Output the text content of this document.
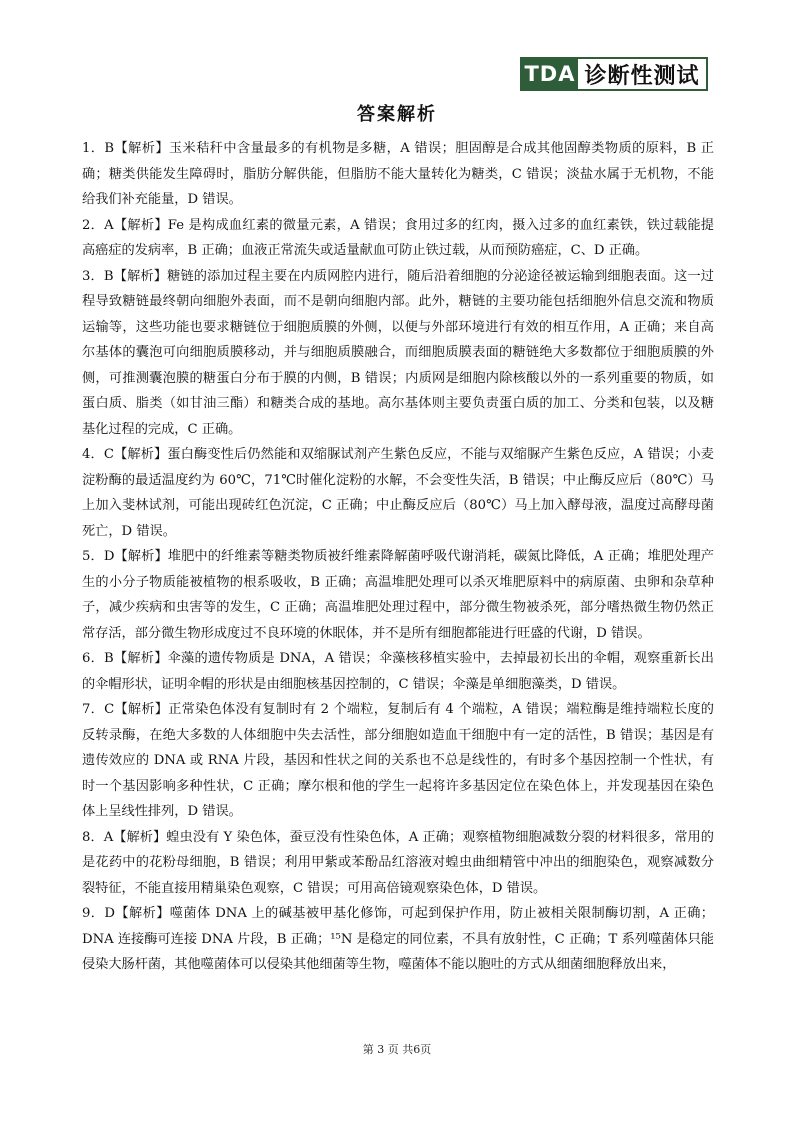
TDA 诊断性测试
答案解析

1．B【解析】玉米秸秆中含量最多的有机物是多糖，A 错误；胆固醇是合成其他固醇类物质的原料，B 正确；糖类供能发生障碍时，脂肪分解供能，但脂肪不能大量转化为糖类，C 错误；淡盐水属于无机物，不能给我们补充能量，D 错误。

2．A【解析】Fe 是构成血红素的微量元素，A 错误；食用过多的红肉，摄入过多的血红素铁，铁过载能提高癌症的发病率，B 正确；血液正常流失或适量献血可防止铁过载，从而预防癌症，C、D 正确。

3．B【解析】糖链的添加过程主要在内质网腔内进行，随后沿着细胞的分泌途径被运输到细胞表面。这一过程导致糖链最终朝向细胞外表面，而不是朝向细胞内部。此外，糖链的主要功能包括细胞外信息交流和物质运输等，这些功能也要求糖链位于细胞质膜的外侧，以便与外部环境进行有效的相互作用，A 正确；来自高尔基体的囊泡可向细胞质膜移动，并与细胞质膜融合，而细胞质膜表面的糖链绝大多数都位于细胞质膜的外侧，可推测囊泡膜的糖蛋白分布于膜的内侧，B 错误；内质网是细胞内除核酸以外的一系列重要的物质，如蛋白质、脂类（如甘油三酯）和糖类合成的基地。高尔基体则主要负责蛋白质的加工、分类和包装，以及糖基化过程的完成，C 正确。

4．C【解析】蛋白酶变性后仍然能和双缩脲试剂产生紫色反应，不能与双缩脲产生紫色反应，A 错误；小麦淀粉酶的最适温度约为 60℃，71℃时催化淀粉的水解，不会变性失活，B 错误；中止酶反应后（80℃）马上加入斐林试剂，可能出现砖红色沉淀，C 正确；中止酶反应后（80℃）马上加入酵母液，温度过高酵母菌死亡，D 错误。

5．D【解析】堆肥中的纤维素等糖类物质被纤维素降解菌呼吸代谢消耗，碳氮比降低，A 正确；堆肥处理产生的小分子物质能被植物的根系吸收，B 正确；高温堆肥处理可以杀灭堆肥原料中的病原菌、虫卵和杂草种子，减少疾病和虫害等的发生，C 正确；高温堆肥处理过程中，部分微生物被杀死，部分嗜热微生物仍然正常存活，部分微生物形成度过不良环境的休眠体，并不是所有细胞都能进行旺盛的代谢，D 错误。

6．B【解析】伞藻的遗传物质是 DNA，A 错误；伞藻核移植实验中，去掉最初长出的伞帽，观察重新长出的伞帽形状，证明伞帽的形状是由细胞核基因控制的，C 错误；伞藻是单细胞藻类，D 错误。

7．C【解析】正常染色体没有复制时有 2 个端粒，复制后有 4 个端粒，A 错误；端粒酶是维持端粒长度的反转录酶，在绝大多数的人体细胞中失去活性，部分细胞如造血干细胞中有一定的活性，B 错误；基因是有遗传效应的 DNA 或 RNA 片段，基因和性状之间的关系也不总是线性的，有时多个基因控制一个性状，有时一个基因影响多种性状，C 正确；摩尔根和他的学生一起将许多基因定位在染色体上，并发现基因在染色体上呈线性排列，D 错误。

8．A【解析】蝗虫没有 Y 染色体，蚕豆没有性染色体，A 正确；观察植物细胞减数分裂的材料很多，常用的是花药中的花粉母细胞，B 错误；利用甲紫或苯酚品红溶液对蝗虫曲细精管中冲出的细胞染色，观察减数分裂特征，不能直接用精巢染色观察，C 错误；可用高倍镜观察染色体，D 错误。

9．D【解析】噬菌体 DNA 上的碱基被甲基化修饰，可起到保护作用，防止被相关限制酶切割，A 正确；DNA 连接酶可连接 DNA 片段，B 正确；¹⁵N 是稳定的同位素，不具有放射性，C 正确；T 系列噬菌体只能侵染大肠杆菌，其他噬菌体可以侵染其他细菌等生物，噬菌体不能以胞吐的方式从细菌细胞释放出来，

第 3 页 共6页
